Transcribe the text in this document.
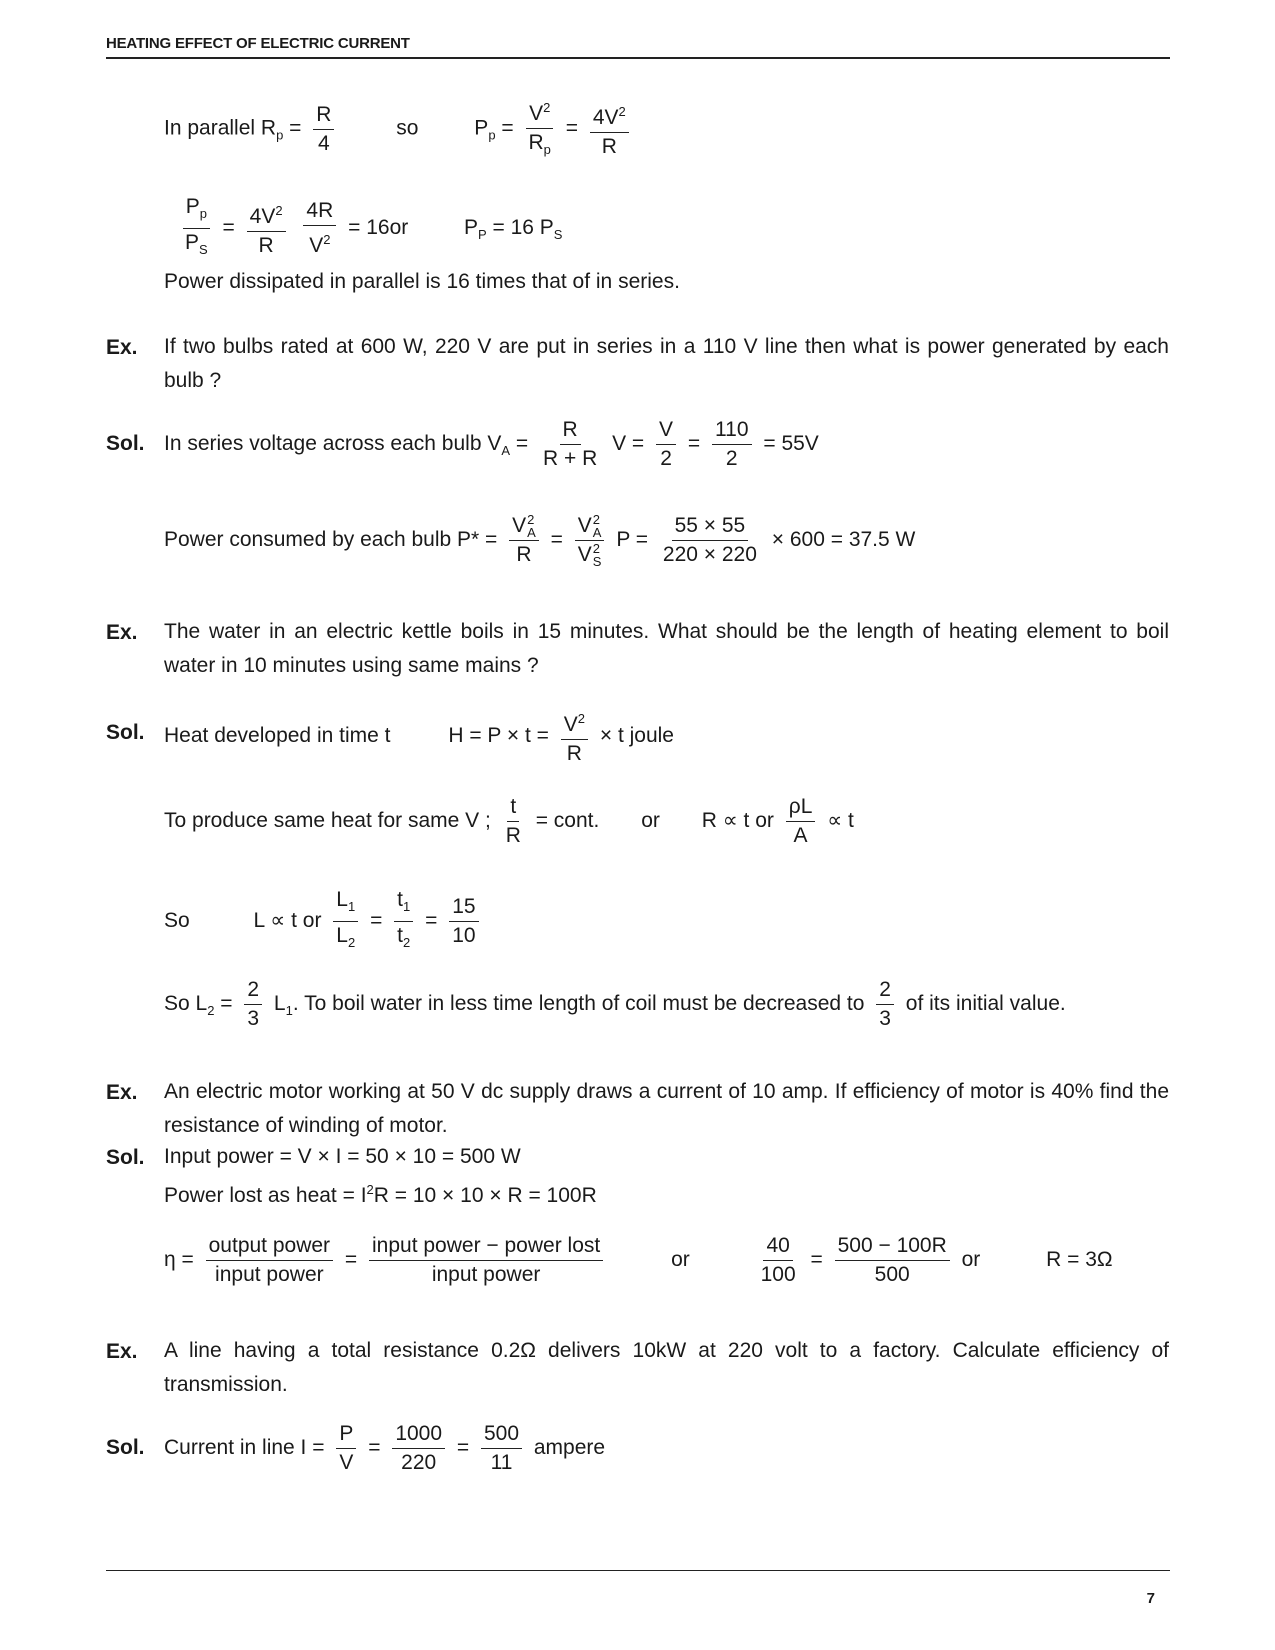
HEATING EFFECT OF ELECTRIC CURRENT
In parallel $R_p = \frac{R}{4}$	so	$P_p = \frac{V^2}{R_p} = \frac{4V^2}{R}$
$\frac{P_p}{P_S} = \frac{4V^2}{R}$
$\frac{4R}{V^2} = 16or$	$P_P = 16$ $P_S$
Power dissipated in parallel is 16 times that of in series.
Ex. If two bulbs rated at 600 W, 220 V are put in series in a 110 V line then what is power generated by each bulb ?
Sol. In series voltage across each bulb $V_A = \frac{R}{R + R}$ $V = \frac{V}{2} = \frac{110}{2} = 55V$
Power consumed by each bulb P* = V 2
A
R = V 2
A
V 2
S $P = \frac{55 \times 55}{220 \times 220} \times 600 = 37.5$ W
Ex. The water in an electric kettle boils in 15 minutes. What should be the length of heating element to boil water in 10 minutes using same mains ?
Sol. Heat developed in time t	$H = P \times t = \frac{V^2}{R} \times t$ joule
To produce same heat for same V ; $\frac{t}{R}$ = cont. or R ∝ t or $\frac{\rho L}{A} \propto t$
So	L ∝ t or $\frac{L_1}{L_2} = \frac{t_1}{t_2} = \frac{15}{10}$
So $L_2 = \frac{2}{3} L_1$. To boil water in less time length of coil must be decreased to $\frac{2}{3}$ of its initial value.
Ex. An electric motor working at 50 V dc supply draws a current of 10 amp. If efficiency of motor is 40% find the resistance of winding of motor.
Sol. Input power = V × I = 50 × 10 = 500 W
Power lost as heat = $I^2R = 10 \times 10 \times R = 100R$
$\eta = \frac{\text{output power}}{\text{input power}} = \frac{\text{input power − power lost}}{\text{input power}}$	or	$\frac{40}{100} = \frac{500 - 100R}{500}$ or	R = 3Ω
Ex. A line having a total resistance 0.2Ω delivers 10kW at 220 volt to a factory. Calculate efficiency of transmission.
Sol. Current in line $I = \frac{P}{V} = \frac{1000}{220} = \frac{500}{11}$ ampere
7
